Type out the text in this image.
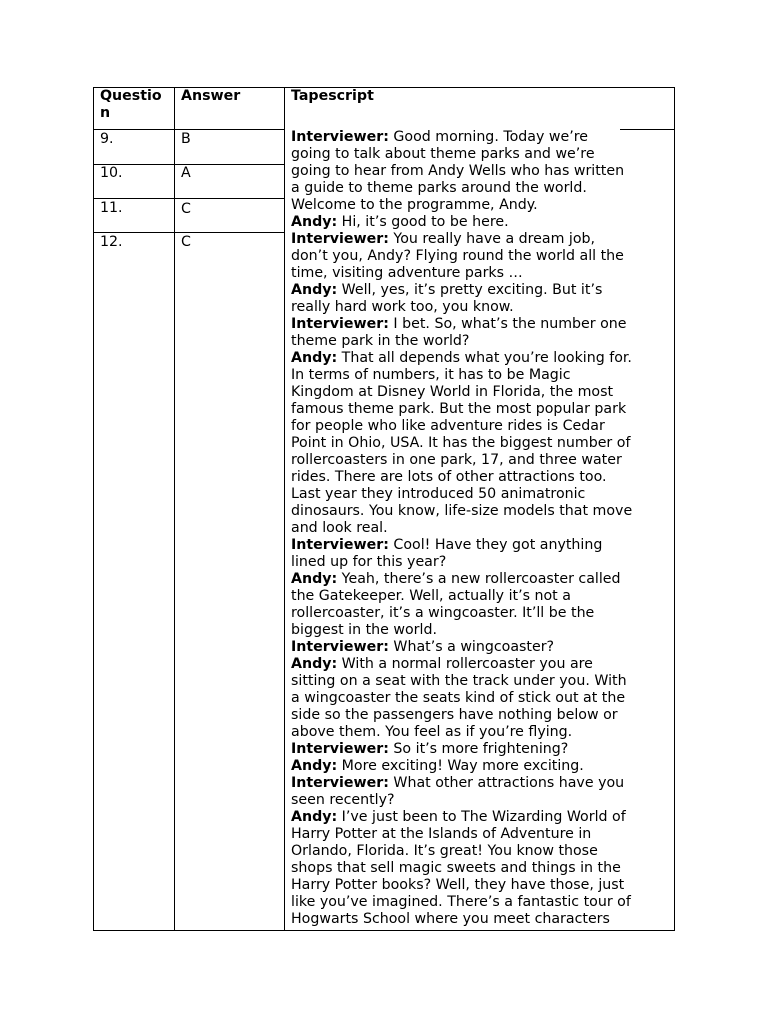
Questio
n
Answer	Tapescript
9.	B
10.	A
11.	C
12.	C
Interviewer: Good morning. Today we’re
going to talk about theme parks and we’re
going to hear from Andy Wells who has written
a guide to theme parks around the world.
Welcome to the programme, Andy.
Andy: Hi, it’s good to be here.
Interviewer: You really have a dream job,
don’t you, Andy? Flying round the world all the
time, visiting adventure parks …
Andy: Well, yes, it’s pretty exciting. But it’s
really hard work too, you know.
Interviewer: I bet. So, what’s the number one
theme park in the world?
Andy: That all depends what you’re looking for.
In terms of numbers, it has to be Magic
Kingdom at Disney World in Florida, the most
famous theme park. But the most popular park
for people who like adventure rides is Cedar
Point in Ohio, USA. It has the biggest number of
rollercoasters in one park, 17, and three water
rides. There are lots of other attractions too.
Last year they introduced 50 animatronic
dinosaurs. You know, life-size models that move
and look real.
Interviewer: Cool! Have they got anything
lined up for this year?
Andy: Yeah, there’s a new rollercoaster called
the Gatekeeper. Well, actually it’s not a
rollercoaster, it’s a wingcoaster. It’ll be the
biggest in the world.
Interviewer: What’s a wingcoaster?
Andy: With a normal rollercoaster you are
sitting on a seat with the track under you. With
a wingcoaster the seats kind of stick out at the
side so the passengers have nothing below or
above them. You feel as if you’re flying.
Interviewer: So it’s more frightening?
Andy: More exciting! Way more exciting.
Interviewer: What other attractions have you
seen recently?
Andy: I’ve just been to The Wizarding World of
Harry Potter at the Islands of Adventure in
Orlando, Florida. It’s great! You know those
shops that sell magic sweets and things in the
Harry Potter books? Well, they have those, just
like you’ve imagined. There’s a fantastic tour of
Hogwarts School where you meet characters
